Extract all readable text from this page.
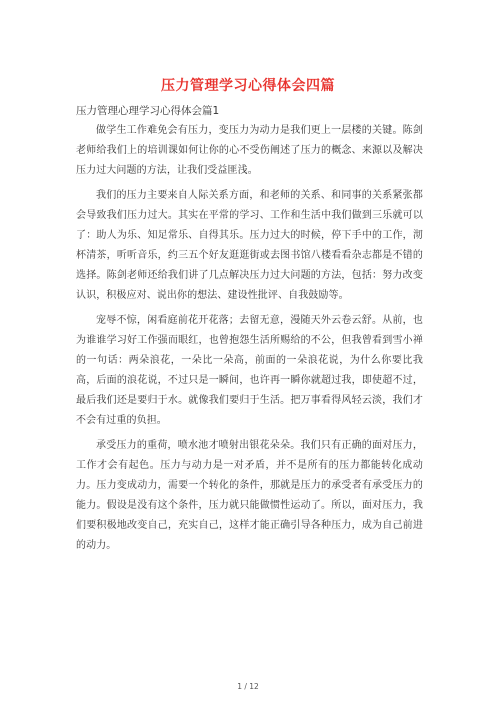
压力管理学习心得体会四篇
压力管理心理学习心得体会篇1

做学生工作难免会有压力，变压力为动力是我们更上一层楼的关键。陈剑老师给我们上的培训课如何让你的心不受伤阐述了压力的概念、来源以及解决压力过大问题的方法，让我们受益匪浅。

我们的压力主要来自人际关系方面，和老师的关系、和同事的关系紧张都会导致我们压力过大。其实在平常的学习、工作和生活中我们做到三乐就可以了：助人为乐、知足常乐、自得其乐。压力过大的时候，停下手中的工作，沏杯清茶，听听音乐，约三五个好友逛逛街或去图书馆八楼看看杂志都是不错的选择。陈剑老师还给我们讲了几点解决压力过大问题的方法，包括：努力改变认识，积极应对、说出你的想法、建设性批评、自我鼓励等。

宠辱不惊，闲看庭前花开花落；去留无意，漫随天外云卷云舒。从前，也为谁谁学习好工作强而眼红，也曾抱怨生活所赐给的不公，但我曾看到雪小禅的一句话：两朵浪花，一朵比一朵高，前面的一朵浪花说，为什么你要比我高，后面的浪花说，不过只是一瞬间，也许再一瞬你就超过我，即使超不过，最后我们还是要归于水。就像我们要归于生活。把万事看得风轻云淡，我们才不会有过重的负担。

承受压力的重荷，喷水池才喷射出银花朵朵。我们只有正确的面对压力，工作才会有起色。压力与动力是一对矛盾，并不是所有的压力都能转化成动力。压力变成动力，需要一个转化的条件，那就是压力的承受者有承受压力的能力。假设是没有这个条件，压力就只能做惯性运动了。所以，面对压力，我们要积极地改变自己，充实自己，这样才能正确引导各种压力，成为自己前进的动力。

1 / 12
